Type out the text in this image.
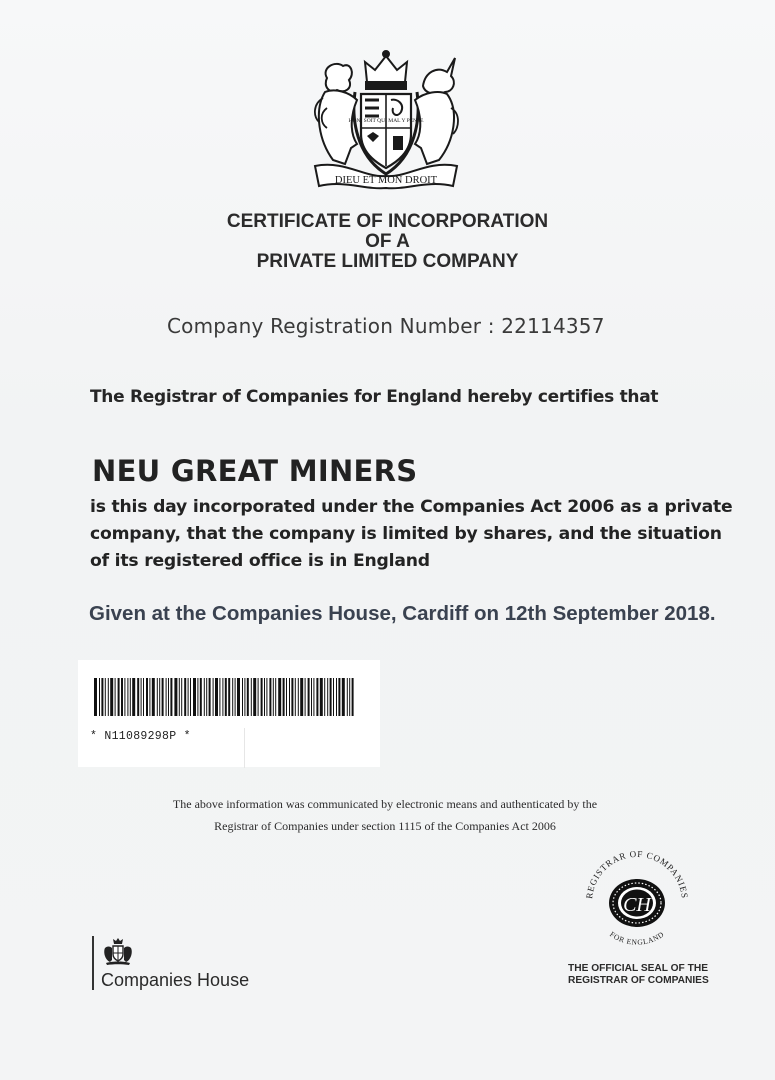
DIEU ET MON DROIT
HONI SOIT QUI MAL Y PENSE

CERTIFICATE OF INCORPORATION

OF A

PRIVATE LIMITED COMPANY

Company Registration Number : 22114357
The Registrar of Companies for England hereby certifies that
NEU GREAT MINERS
is this day incorporated under the Companies Act 2006 as a private company, that the company is limited by shares, and the situation of its registered office is in England
Given at the Companies House, Cardiff on 12th September 2018.
* N11089298P *
The above information was communicated by electronic means and authenticated by the
Registrar of Companies under section 1115 of the Companies Act 2006
REGISTRAR OF COMPANIES
FOR ENGLAND
CH
THE OFFICIAL SEAL OF THE
REGISTRAR OF COMPANIES
Companies House
